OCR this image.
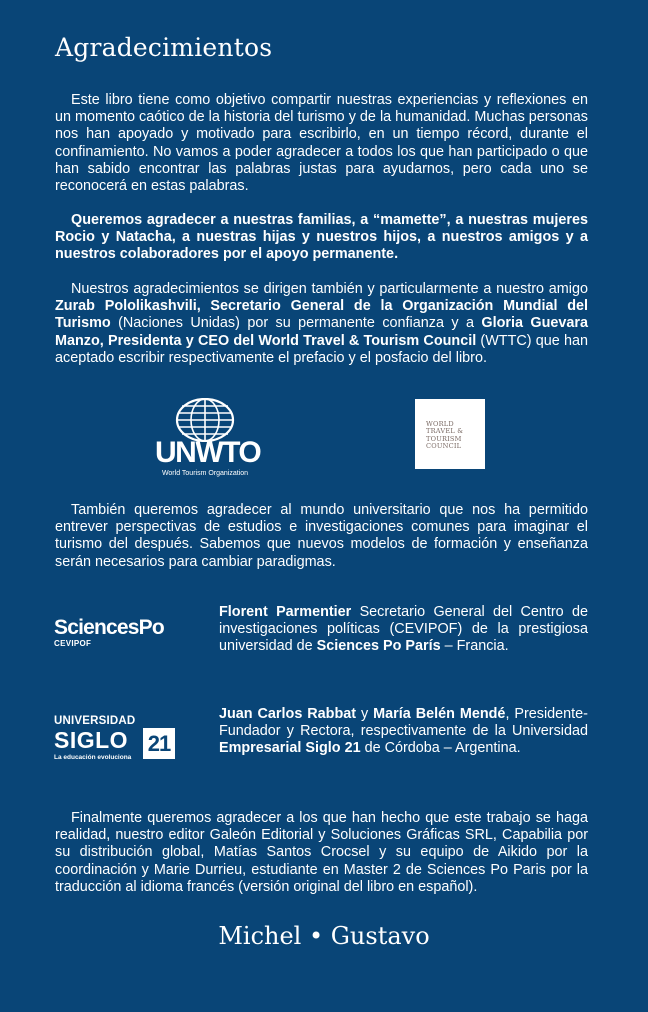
Agradecimientos

Este libro tiene como objetivo compartir nuestras experiencias y reflexiones en un momento caótico de la historia del turismo y de la humanidad. Muchas personas nos han apoyado y motivado para escribirlo, en un tiempo récord, durante el confinamiento. No vamos a poder agradecer a todos los que han participado o que han sabido encontrar las palabras justas para ayudarnos, pero cada uno se reconocerá en estas palabras.

Queremos agradecer a nuestras familias, a “mamette”, a nuestras mujeres Rocio y Natacha, a nuestras hijas y nuestros hijos, a nuestros amigos y a nuestros colaboradores por el apoyo permanente.

Nuestros agradecimientos se dirigen también y particularmente a nuestro amigo Zurab Pololikashvili, Secretario General de la Organización Mundial del Turismo (Naciones Unidas) por su permanente confianza y a Gloria Guevara Manzo, Presidenta y CEO del World Travel & Tourism Council (WTTC) que han aceptado escribir respectivamente el prefacio y el posfacio del libro.

UNWTO
World Tourism Organization
WORLD
TRAVEL &
TOURISM
COUNCIL

También queremos agradecer al mundo universitario que nos ha permitido entrever perspectivas de estudios e investigaciones comunes para imaginar el turismo del después. Sabemos que nuevos modelos de formación y enseñanza serán necesarios para cambiar paradigmas.

SciencesPo
CEVIPOF

Florent Parmentier Secretario General del Centro de investigaciones políticas (CEVIPOF) de la prestigiosa universidad de Sciences Po París – Francia.

UNIVERSIDAD
SIGLO 21
La educación evoluciona

Juan Carlos Rabbat y María Belén Mendé, Presidente-Fundador y Rectora, respectivamente de la Universidad Empresarial Siglo 21 de Córdoba – Argentina.

Finalmente queremos agradecer a los que han hecho que este trabajo se haga realidad, nuestro editor Galeón Editorial y Soluciones Gráficas SRL, Capabilia por su distribución global, Matías Santos Crocsel y su equipo de Aikido por la coordinación y Marie Durrieu, estudiante en Master 2 de Sciences Po Paris por la traducción al idioma francés (versión original del libro en español).

Michel • Gustavo
